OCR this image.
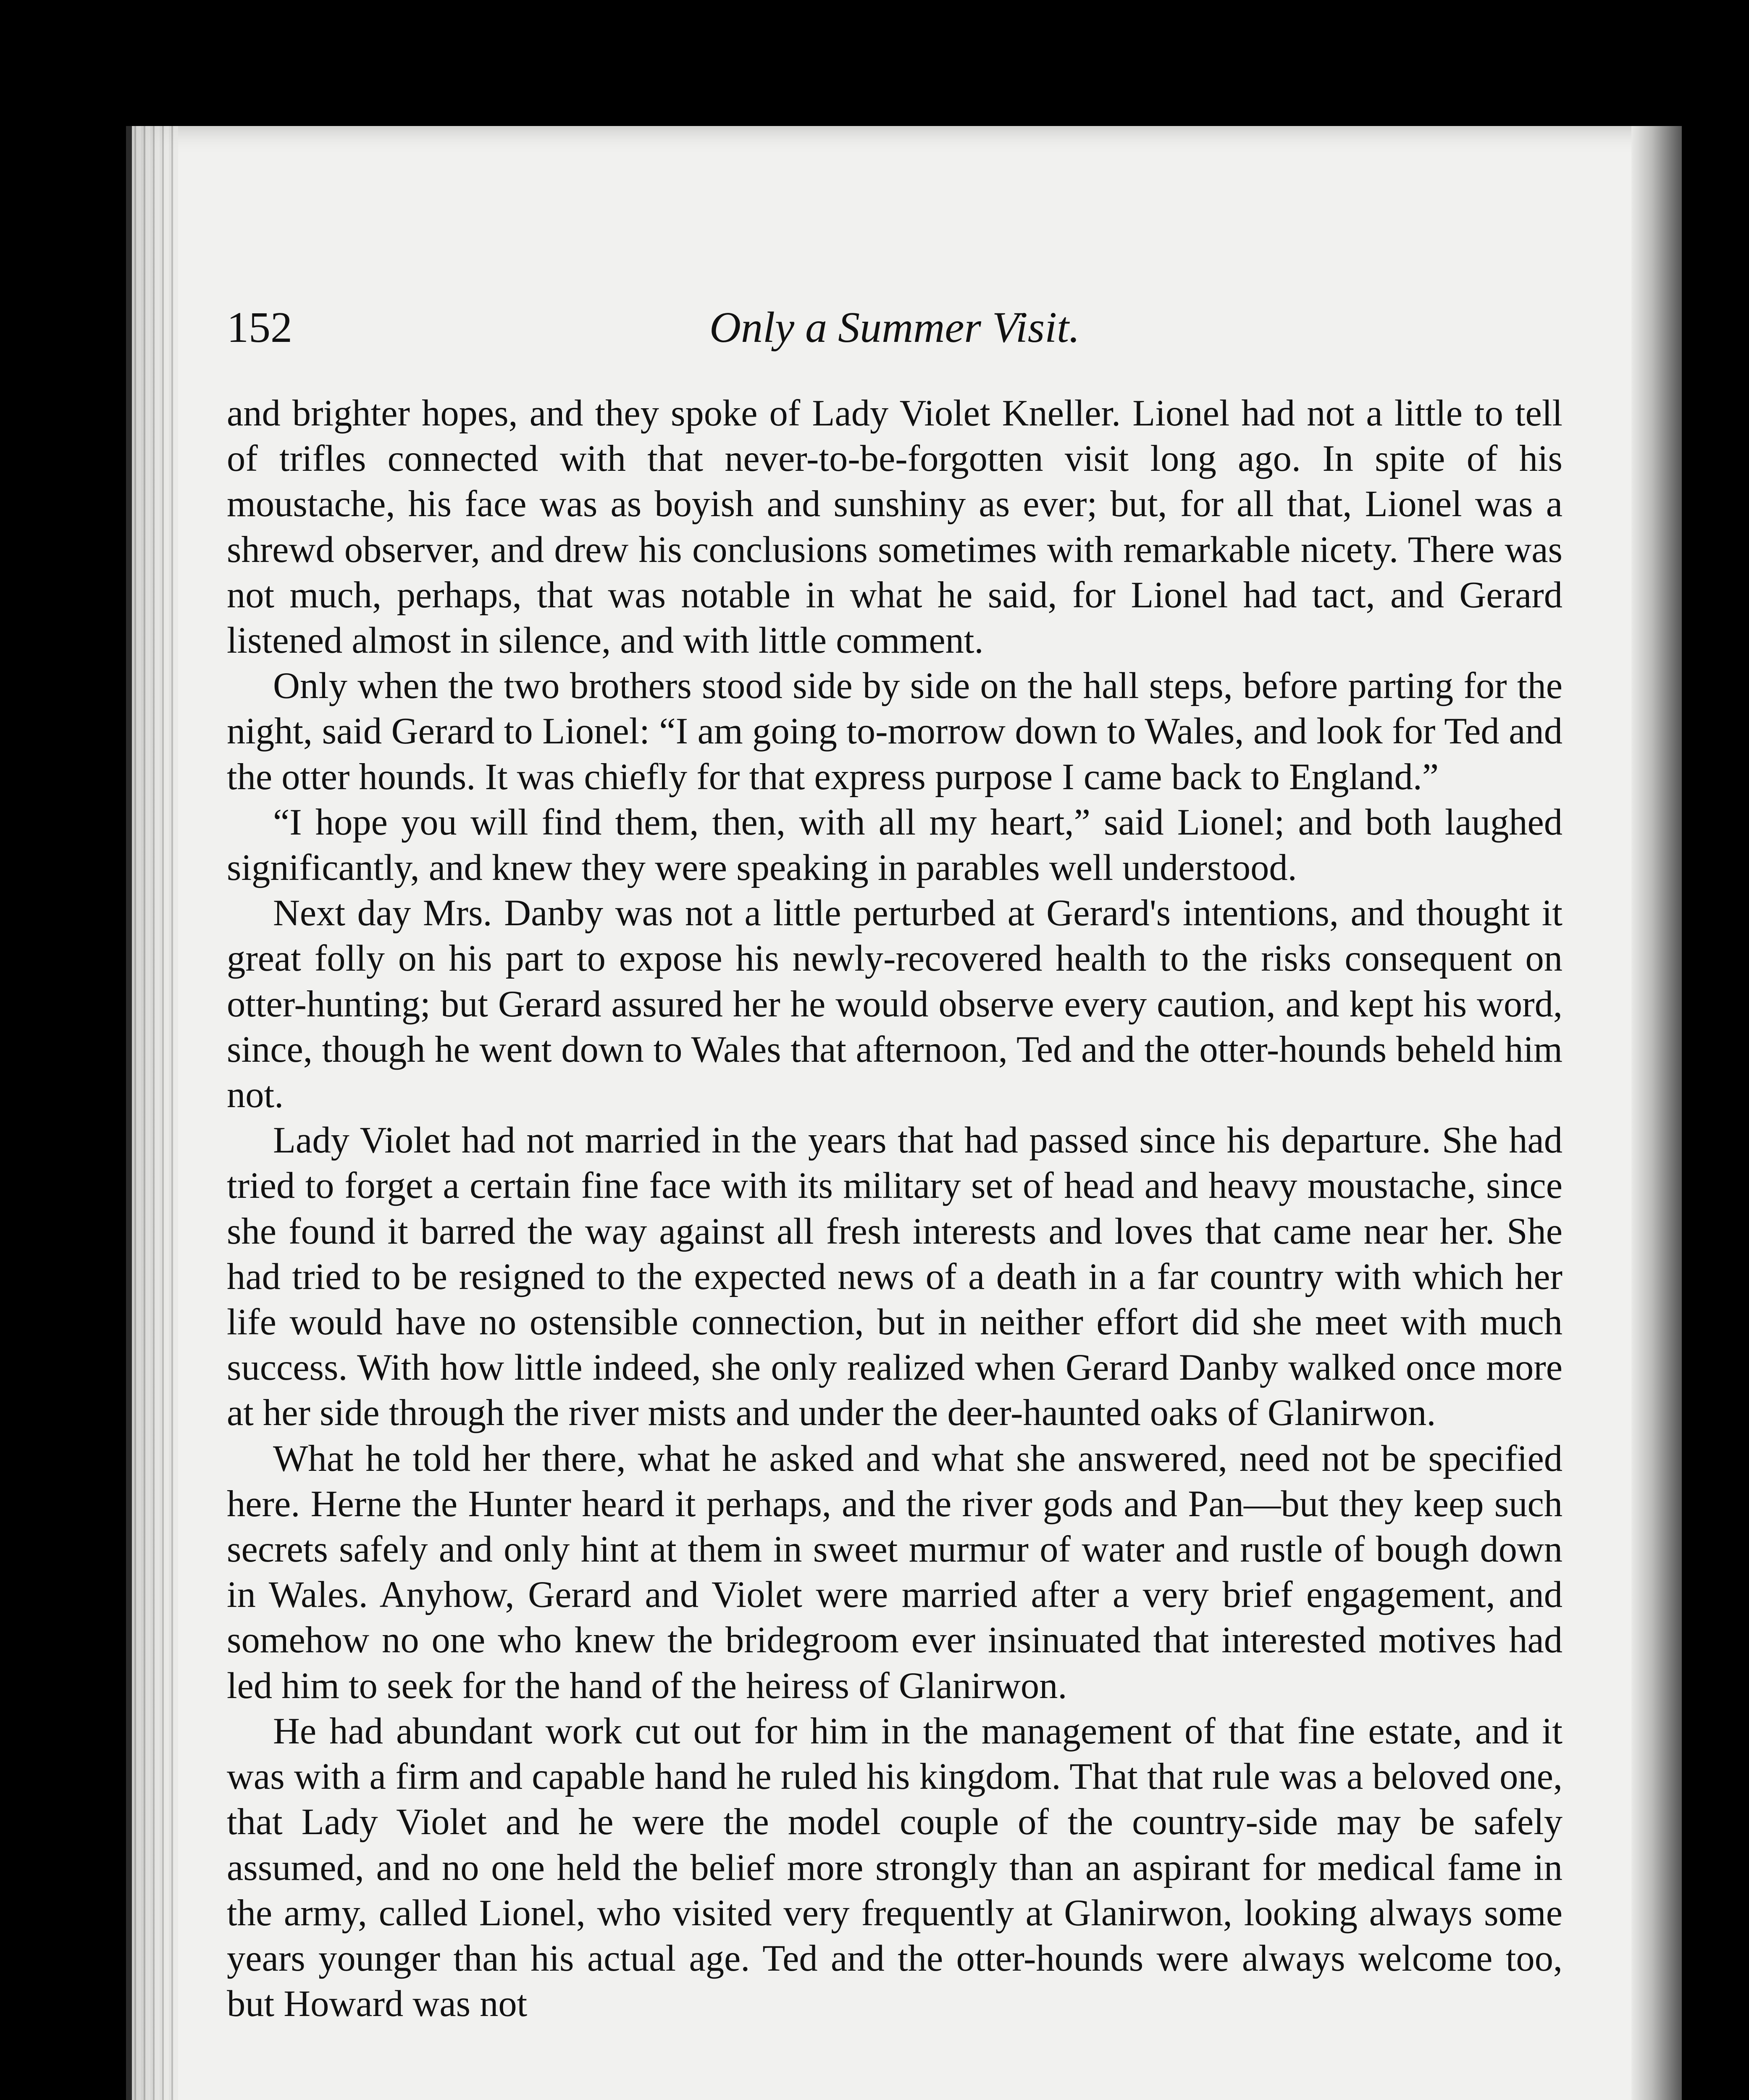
152	Only a Summer Visit.

and brighter hopes, and they spoke of Lady Violet Kneller. Lionel had not a little to tell of trifles connected with that never-to-be-forgotten visit long ago. In spite of his moustache, his face was as boyish and sunshiny as ever; but, for all that, Lionel was a shrewd observer, and drew his conclusions sometimes with remarkable nicety. There was not much, perhaps, that was notable in what he said, for Lionel had tact, and Gerard listened almost in silence, and with little comment.

Only when the two brothers stood side by side on the hall steps, before parting for the night, said Gerard to Lionel: “I am going to-morrow down to Wales, and look for Ted and the otter hounds. It was chiefly for that express purpose I came back to England.”

“I hope you will find them, then, with all my heart,” said Lionel; and both laughed significantly, and knew they were speaking in parables well understood.

Next day Mrs. Danby was not a little perturbed at Gerard's intentions, and thought it great folly on his part to expose his newly-recovered health to the risks consequent on otter-hunting; but Gerard assured her he would observe every caution, and kept his word, since, though he went down to Wales that afternoon, Ted and the otter-hounds beheld him not.

Lady Violet had not married in the years that had passed since his departure. She had tried to forget a certain fine face with its military set of head and heavy moustache, since she found it barred the way against all fresh interests and loves that came near her. She had tried to be resigned to the expected news of a death in a far country with which her life would have no ostensible connection, but in neither effort did she meet with much success. With how little indeed, she only realized when Gerard Danby walked once more at her side through the river mists and under the deer-haunted oaks of Glanirwon.

What he told her there, what he asked and what she answered, need not be specified here. Herne the Hunter heard it perhaps, and the river gods and Pan—but they keep such secrets safely and only hint at them in sweet murmur of water and rustle of bough down in Wales. Anyhow, Gerard and Violet were married after a very brief engagement, and somehow no one who knew the bridegroom ever insinuated that interested motives had led him to seek for the hand of the heiress of Glanirwon.

He had abundant work cut out for him in the management of that fine estate, and it was with a firm and capable hand he ruled his kingdom. That that rule was a beloved one, that Lady Violet and he were the model couple of the country-side may be safely assumed, and no one held the belief more strongly than an aspirant for medical fame in the army, called Lionel, who visited very frequently at Glanirwon, looking always some years younger than his actual age. Ted and the otter-hounds were always welcome too, but Howard was not
